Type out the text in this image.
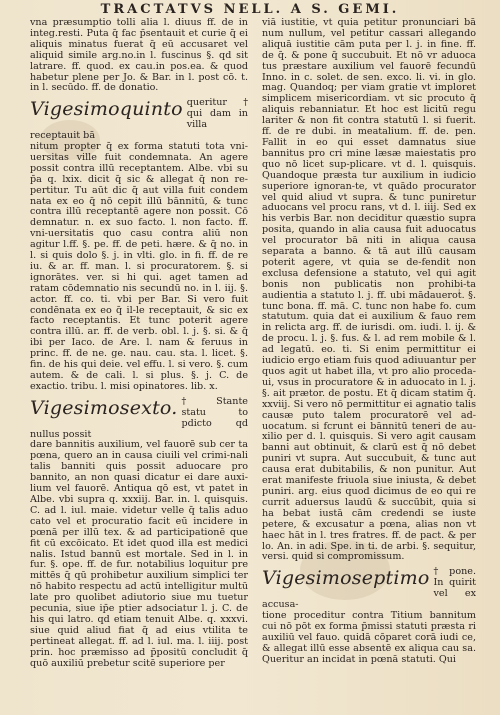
TRACTATVS NELL. A S. GEMI.

vna præsumptio tolli alia l. diuus ff. de in integ.resti. Puta q̄ fac p̄sentauit et curie q̄ ei aliquis minatus fuerat q̄ eū accusaret vel aliquid simile arg.no.in l. fuscinus §. qd sit latrare. ff. quod. ex cau.in pos.ea. & quod habetur plene per Jo. & Bar. in l. post cō. t. in l. secūdo. ff. de donatio.

Vigesimoquinto queritur† qui dam in villa receptauit bā

nitum propter q̄ ex forma statuti tota vni-uersitas ville fuit condemnata. An agere possit contra illū receptantem. Albe. vbi su p̄a q. lxix. dicit q̄ sic & allegat q̄ non re-pertitur. Tu aūt dic q̄ aut villa fuit condem nata ex eo q̄ nō cepit illū bānnitū, & tunc contra illū receptantē agere non possit. Cō demnatur. n. ex suo facto. l. non facto. ff. vni-uersitatis quo casu contra aliū non agitur l.ff. §. pe. ff. de peti. hære. & q̄ no. in l. si quis dolo §. j. in vlti. glo. in fi. ff. de re iu. & ar. ff. man. l. si procuratorem. §. si ignorātes. ver. si hi qui. aget tamen ad ratam cōdemnatio nis secundū no. in l. iij. §. actor. ff. co. ti. vbi per Bar. Si vero fuit condēnata ex eo q̄ il-le receptauit, & sic ex facto receptantis. Et tunc poterit agere contra illū. ar. ff. de verb. obl. l. j. §. si. & q̄ ibi per Iaco. de Are. l. nam & feruus in princ. ff. de ne. ge. nau. cau. sta. l. licet. §. fin. de his qui deie. vel effu. l. si vero. §. cum autem. & de cali. l. si plus. §. j. C. de exactio. tribu. l. misi opinatores. lib. x.

Vigesimosexto. † Stante statu to pdicto qd nullus possit

dare bannitis auxilium, vel fauorē sub cer ta pœna, quero an in causa ciuili vel crimi-nali talis banniti quis possit aduocare pro bannito, an non quasi dicatur ei dare auxi-lium vel fauorē. Antiqua qō est, vt patet in Albe. vbi supra q. xxxiij. Bar. in. l. quisquis. C. ad l. iul. maie. videtur velle q̄ talis aduo cato vel et procuratio facit eū incidere in pœnā per illū tex. & ad participationē que fit cū excōicato. Et idet quod illa est medici nalis. Istud bannū est mortale. Sed in l. in fur. §. ope. ff. de fur. notabilius loquitur pre mittēs q̄ qū prohibetur auxilium simplici ter nō habito respectu ad actū intelligitur multū late pro quolibet adiutorio siue mu tuetur pecunia, siue ip̄e ptier adsociatur l. j. C. de his qui latro. qd etiam tenuit Albe. q. xxxvi. siue quid aliud fiat q̄ ad eius vtilita te pertineat allegat. ff. ad l. iul. ma. l. iiij. post prin. hoc præmisso ad p̄positū concludit q̄ quō auxiliū prebetur scitē superiore per

viā iustitie, vt quia petitur pronunciari bā num nullum, vel petitur cassari allegando aliquā iustitie cām puta per l. j. in fine. ff. de q̄. & pone q̄ succubuit. Et nō vr aduoca tus præstare auxilium vel fauorē fecundū Inno. in c. solet. de sen. exco. li. vi. in glo. mag. Quandoq; per viam gratie vt imploret simplicem misericordiam. vt sic procuto q̄ aliquis rebanniatur. Et hoc est licitū regu lariter & non fit contra statutū l. si fuerit. ff. de re dubi. in meatalium. ff. de. pen. Fallit in eo qui esset damnatus siue bannitus pro cri mine læsæ maiestatis pro quo nō licet sup-plicare. vt d. l. quisquis. Quandoque præsta tur auxilium in iudicio superiore ignoran-te, vt quādo procurator vel quid aliud vt supra. & tunc puniretur aduocans vel procu rans, vt d. l. iiij. Sed ex his verbis Bar. non deciditur quæstio supra posita, quando in alia causa fuit aduocatus vel procurator bā niti in aliqua causa separata a banno. & tā aut illū causam poterit agere, vt quia se de-fendit non exclusa defensione a statuto, vel qui agit bonis non publicatis non prohibi-ta audientia a statuto l. j. ff. ubi mādaueroṫ. §. tunc bona. ff. mā. C. tunc non habe fo. cum statutum. quia dat ei auxilium & fauo rem in relicta arg. ff. de iurisdi. om. iudi. l. ij. & de procu. l. j. §. fus. & l. ad rem mobile & l. ad legatū. eo. ti. Si enim permittitur ei iudicio ergo etiam fuis quod adiuuantur per quos agit ut habet illa, vt pro alio proceda-ui, vsus in procuratore & in aduocato in l. j. §. ait prætor. de postu. Et q̄ dicam statim q̄. xxviij. Si vero nō permittitur ei agnatio talis causæ puto talem procuratorē vel ad-uocatum. si fcrunt ei bānnitū teneri de au-xilio per d. l. quisquis. Si vero agit causam banni aut obtinuit, & clarū est q̄ nō debet puniri vt supra. Aut succubuit, & tunc aut causa erat dubitabilis, & non punitur. Aut erat manifeste friuola siue iniusta, & debet puniri. arg. eius quod dicimus de eo qui re currit aduersus laudū & succūbit, quia si ha bebat iustā cām credendi se iuste petere, & excusatur a pœna, alias non vt haec hāt in l. tres fratres. ff. de pact. & per lo. An. in adi. Spe. in ti. de arbi. §. sequitur, versi. quid si compromissum.

Vigesimoseptimo † pone. In quirit vel ex accusa-

tione proceditur contra Titium bannitum cui nō pōt ex forma p̄missi statuti præsta ri auxiliū vel fauo. quidā cōparet corā iudi ce, & allegat illū esse absentē ex aliqua cau sa. Queritur an incidat in pœnā statuti. Qui
